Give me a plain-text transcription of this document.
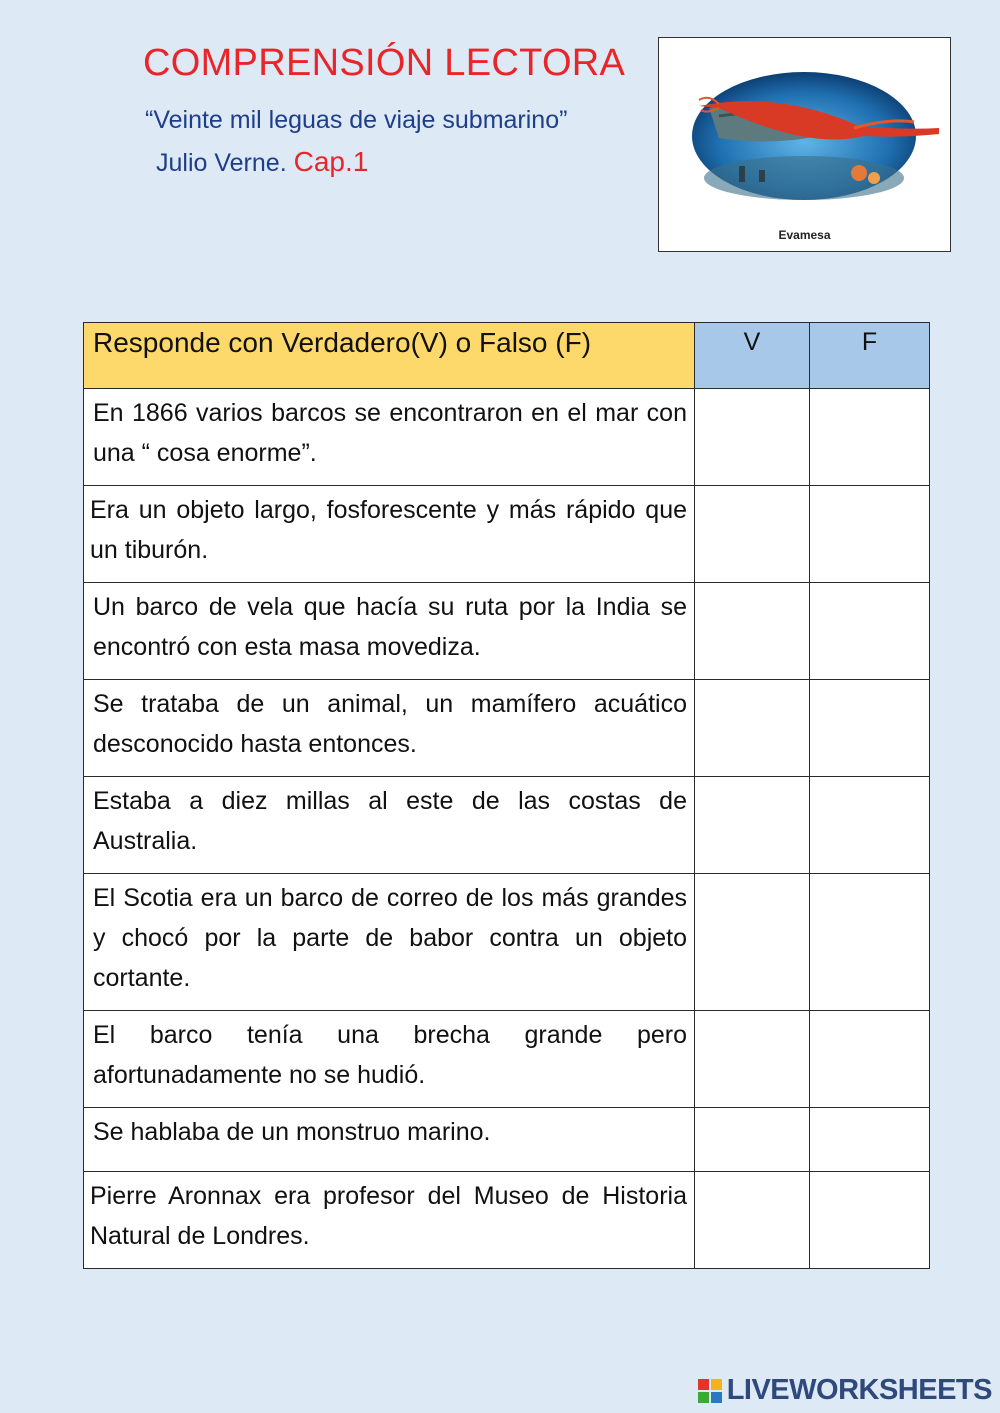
COMPRENSIÓN LECTORA
“Veinte mil leguas de viaje submarino”
Julio Verne. Cap.1
Evamesa
Responde con Verdadero(V) o Falso (F)	V	F
En 1866 varios barcos se encontraron en el mar con una “ cosa enorme”.		
Era un objeto largo, fosforescente y más rápido que un tiburón.		
Un barco de vela que hacía su ruta por la India se encontró con esta masa movediza.		
Se trataba de un animal, un mamífero acuático desconocido hasta entonces.		
Estaba a diez millas al este de las costas de Australia.		
El Scotia era un barco de correo de los más grandes y chocó por la parte de babor contra un objeto cortante.		
El barco tenía una brecha grande pero afortunadamente no se hudió.		
Se hablaba de un monstruo marino.		
Pierre Aronnax era profesor del Museo de Historia Natural de Londres.		
LIVEWORKSHEETS
